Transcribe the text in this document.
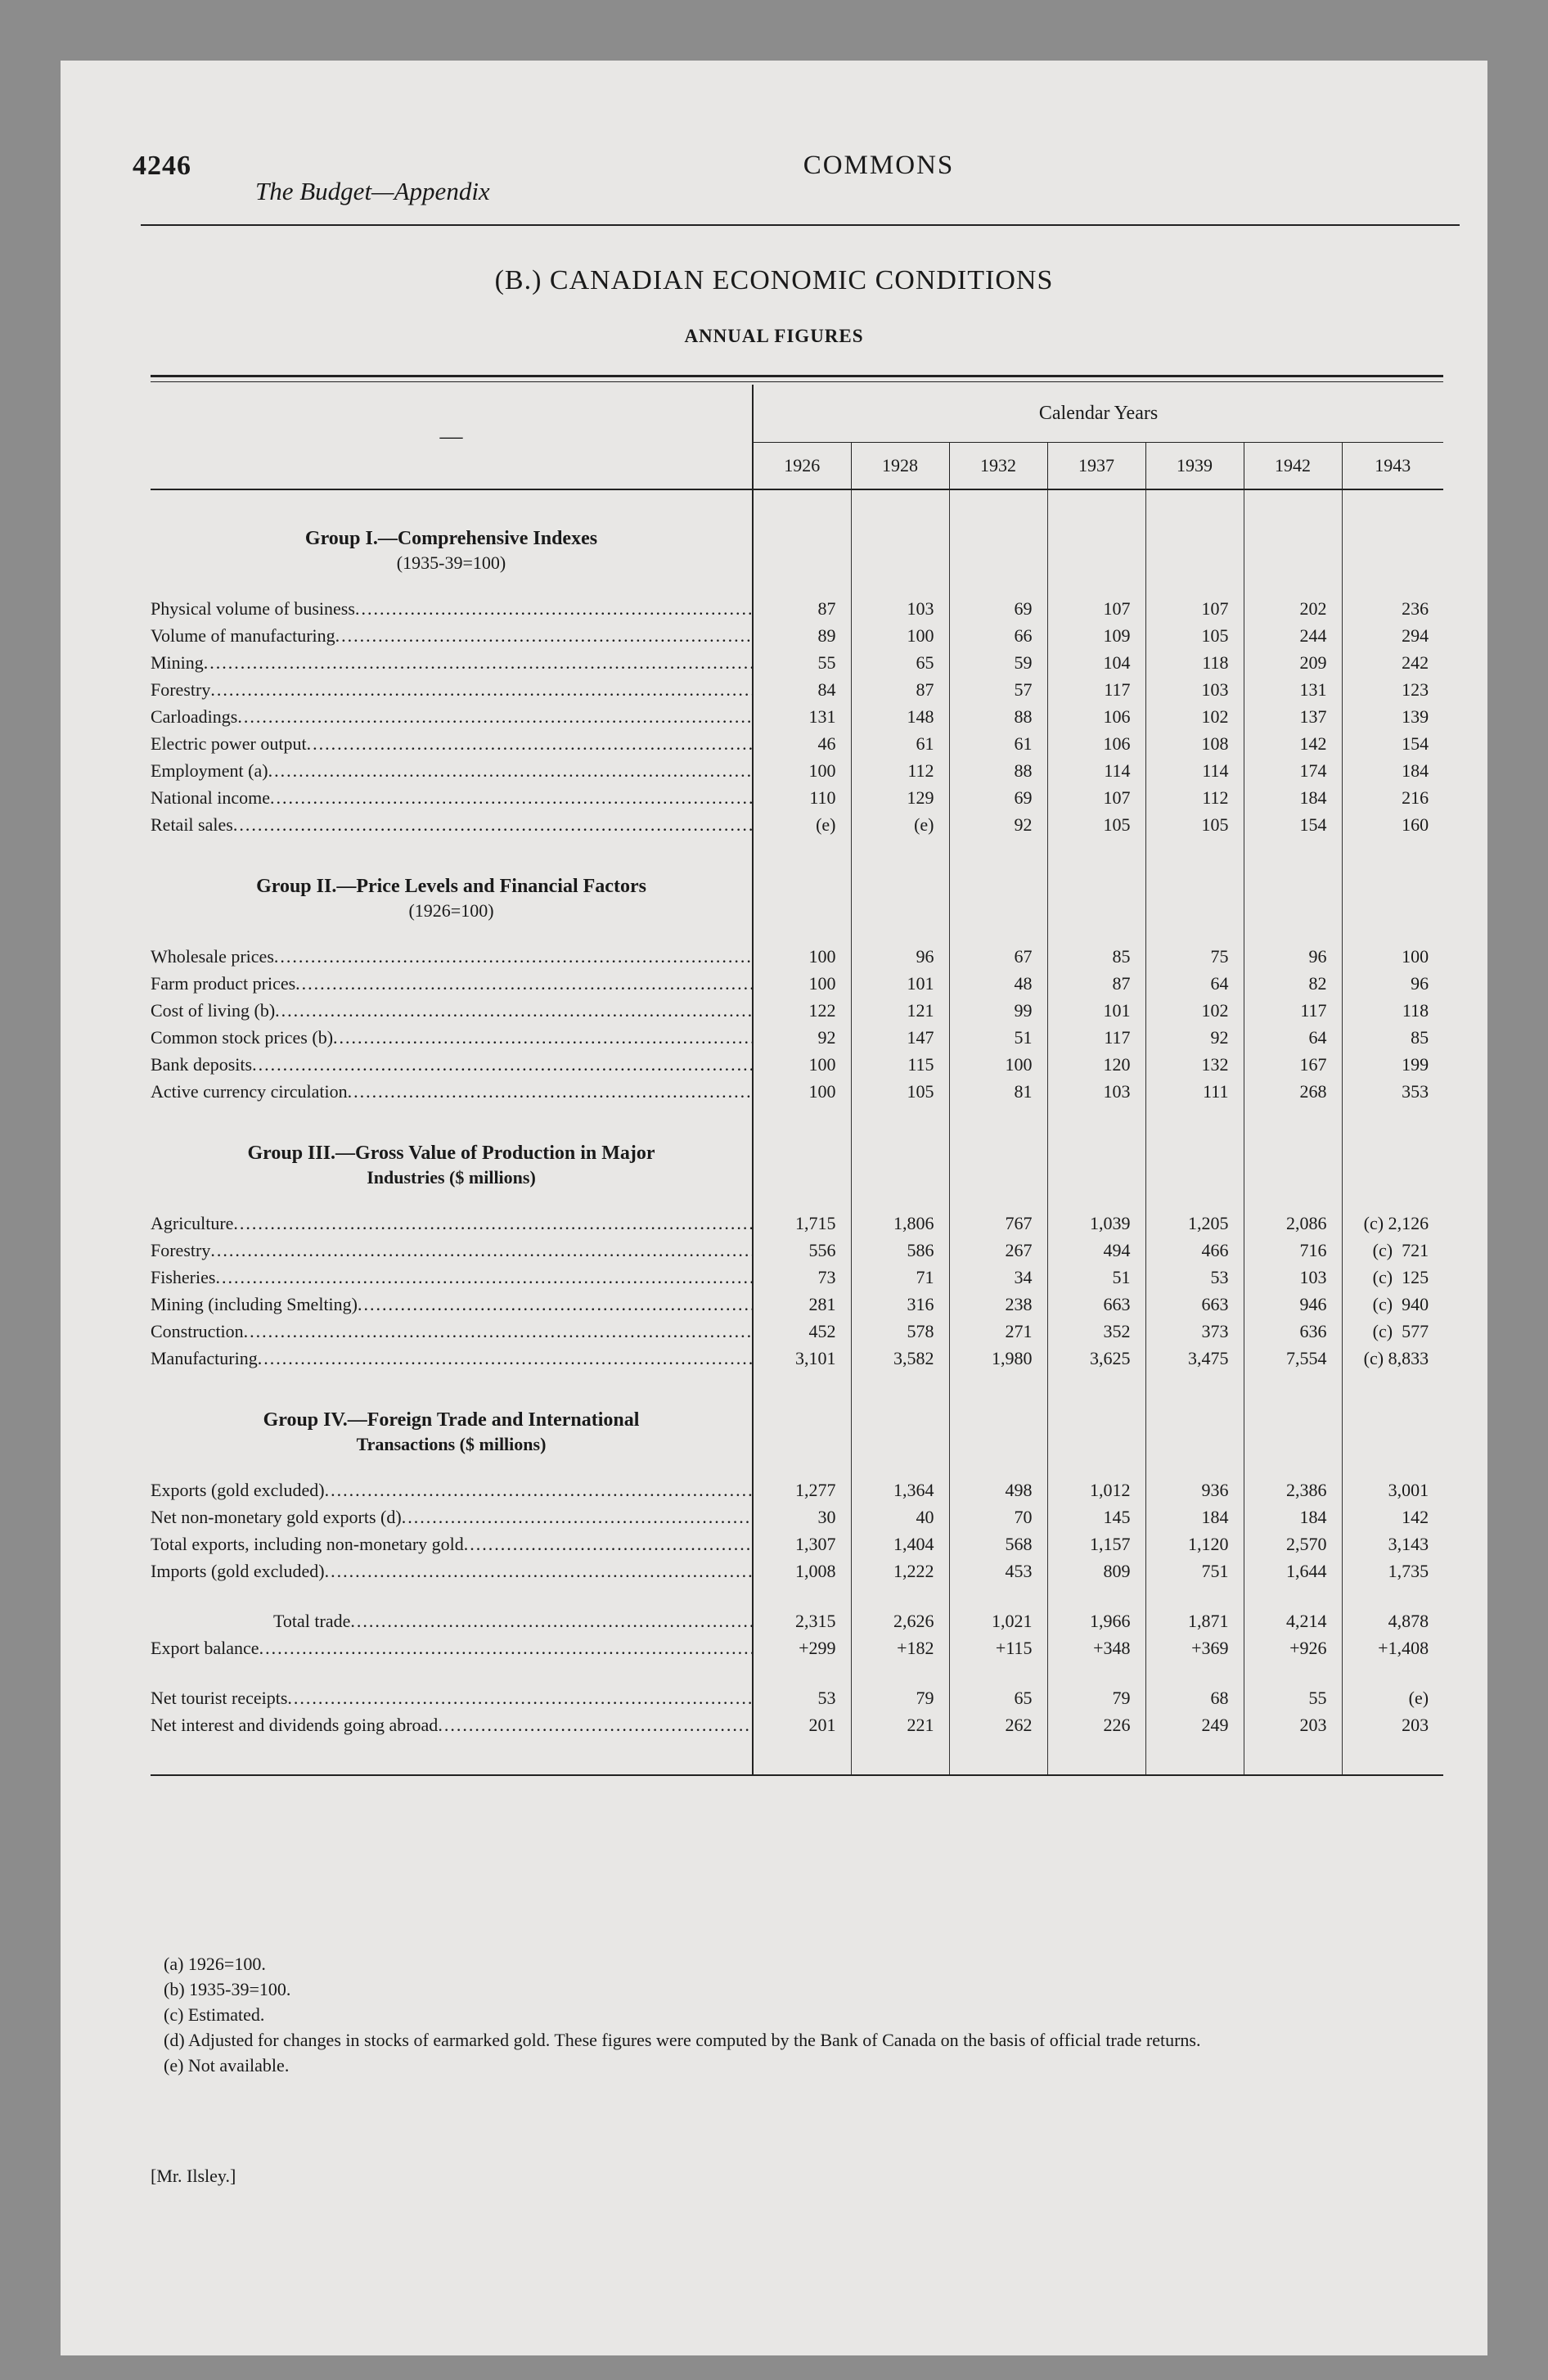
4246	COMMONS
The Budget—Appendix
(B.) CANADIAN ECONOMIC CONDITIONS
ANNUAL FIGURES
—	Calendar Years						
	1926	1928	1932	1937	1939	1942	1943

Group I.—Comprehensive Indexes
(1935-39=100)							

Physical volume of business
.....	87	103	69	107	107	202	236

Volume of manufacturing
.....	89	100	66	109	105	244	294

Mining
.....	55	65	59	104	118	209	242

Forestry
.....	84	87	57	117	103	131	123

Carloadings
.....	131	148	88	106	102	137	139

Electric power output
.....	46	61	61	106	108	142	154

Employment (a)
.....	100	112	88	114	114	174	184

National income
.....	110	129	69	107	112	184	216

Retail sales
.....	(e)	(e)	92	105	105	154	160

Group II.—Price Levels and Financial Factors
(1926=100)							

Wholesale prices
.....	100	96	67	85	75	96	100

Farm product prices
.....	100	101	48	87	64	82	96

Cost of living (b)
.....	122	121	99	101	102	117	118

Common stock prices (b)
.....	92	147	51	117	92	64	85

Bank deposits
.....	100	115	100	120	132	167	199

Active currency circulation
.....	100	105	81	103	111	268	353

Group III.—Gross Value of Production in Major
Industries ($ millions)							

Agriculture
.....	1,715	1,806	767	1,039	1,205	2,086	(c) 2,126

Forestry
.....	556	586	267	494	466	716	(c)  721

Fisheries
.....	73	71	34	51	53	103	(c)  125

Mining (including Smelting)
.....	281	316	238	663	663	946	(c)  940

Construction
.....	452	578	271	352	373	636	(c)  577

Manufacturing
.....	3,101	3,582	1,980	3,625	3,475	7,554	(c) 8,833

Group IV.—Foreign Trade and International
Transactions ($ millions)							

Exports (gold excluded)
.....	1,277	1,364	498	1,012	936	2,386	3,001

Net non-monetary gold exports (d)
.....	30	40	70	145	184	184	142

Total exports, including non-monetary gold
.....	1,307	1,404	568	1,157	1,120	2,570	3,143

Imports (gold excluded)
.....	1,008	1,222	453	809	751	1,644	1,735

Total trade
.....	2,315	2,626	1,021	1,966	1,871	4,214	4,878

Export balance
.....	+299	+182	+115	+348	+369	+926	+1,408

Net tourist receipts
.....	53	79	65	79	68	55	(e)

Net interest and dividends going abroad
.....	201	221	262	226	249	203	203

(a) 1926=100.
(b) 1935-39=100.
(c) Estimated.
(d) Adjusted for changes in stocks of earmarked gold. These figures were computed by the Bank of Canada on the basis of official trade returns.
(e) Not available.
[Mr. Ilsley.]
